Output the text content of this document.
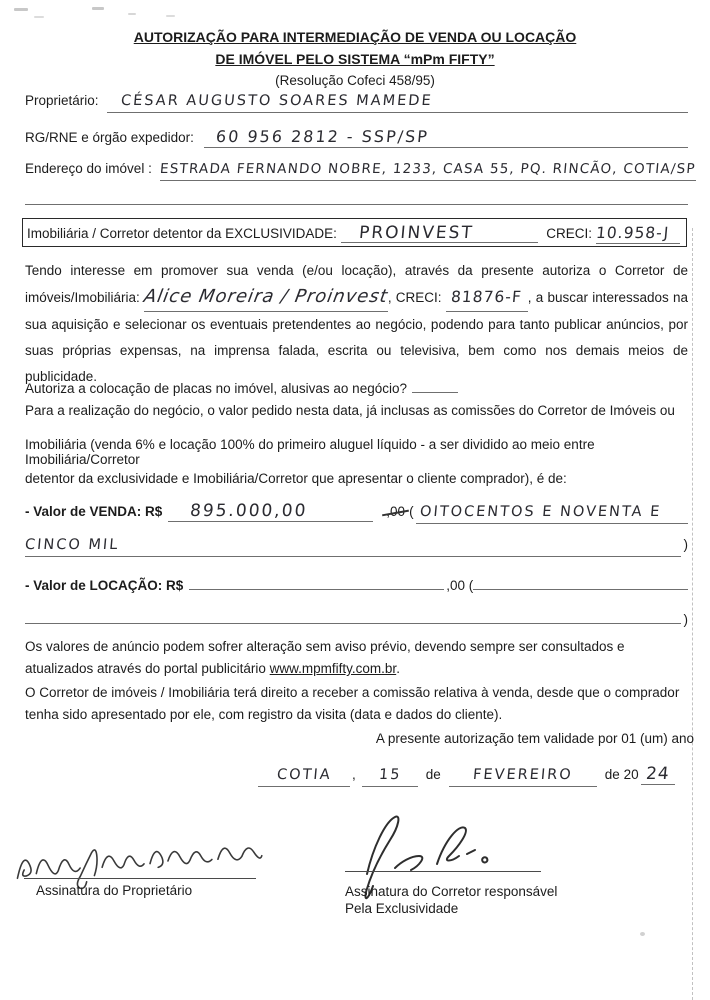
AUTORIZAÇÃO PARA INTERMEDIAÇÃO DE VENDA OU LOCAÇÃO
DE IMÓVEL PELO SISTEMA “mPm FIFTY”
(Resolução Cofeci 458/95)
Proprietário:	CÉSAR AUGUSTO SOARES MAMEDE
RG/RNE e órgão expedidor:	60 956 2812 - SSP/SP
Endereço do imóvel : ESTRADA FERNANDO NOBRE, 1233, CASA 55, PQ. RINCÃO, COTIA/SP
Imobiliária / Corretor detentor da EXCLUSIVIDADE:	PROINVEST	CRECI: 10.958-J
Tendo interesse em promover sua venda (e/ou locação), através da presente autoriza o Corretor de imóveis/Imobiliária: Alice Moreira / Proinvest, CRECI: 81876-F , a buscar interessados na sua aquisição e selecionar os eventuais pretendentes ao negócio, podendo para tanto publicar anúncios, por suas próprias expensas, na imprensa falada, escrita ou televisiva, bem como nos demais meios de publicidade.
Autoriza a colocação de placas no imóvel, alusivas ao negócio?
Para a realização do negócio, o valor pedido nesta data, já inclusas as comissões do Corretor de Imóveis ou
Imobiliária (venda 6% e locação 100% do primeiro aluguel líquido - a ser dividido ao meio entre Imobiliária/Corretor
detentor da exclusividade e Imobiliária/Corretor que apresentar o cliente comprador), é de:
- Valor de VENDA: R$	895.000,00	,00 ( OITOCENTOS E NOVENTA E
CINCO MIL	)
- Valor de LOCAÇÃO: R$	,00 (
)
Os valores de anúncio podem sofrer alteração sem aviso prévio, devendo sempre ser consultados e atualizados através do portal publicitário www.mpmfifty.com.br.
O Corretor de imóveis / Imobiliária terá direito a receber a comissão relativa à venda, desde que o comprador tenha sido apresentado por ele, com registro da visita (data e dados do cliente).
A presente autorização tem validade por 01 (um) ano
COTIA	,	15	de	FEVEREIRO	de 20 24
Assinatura do Proprietário	Assinatura do Corretor responsável
Pela Exclusividade
